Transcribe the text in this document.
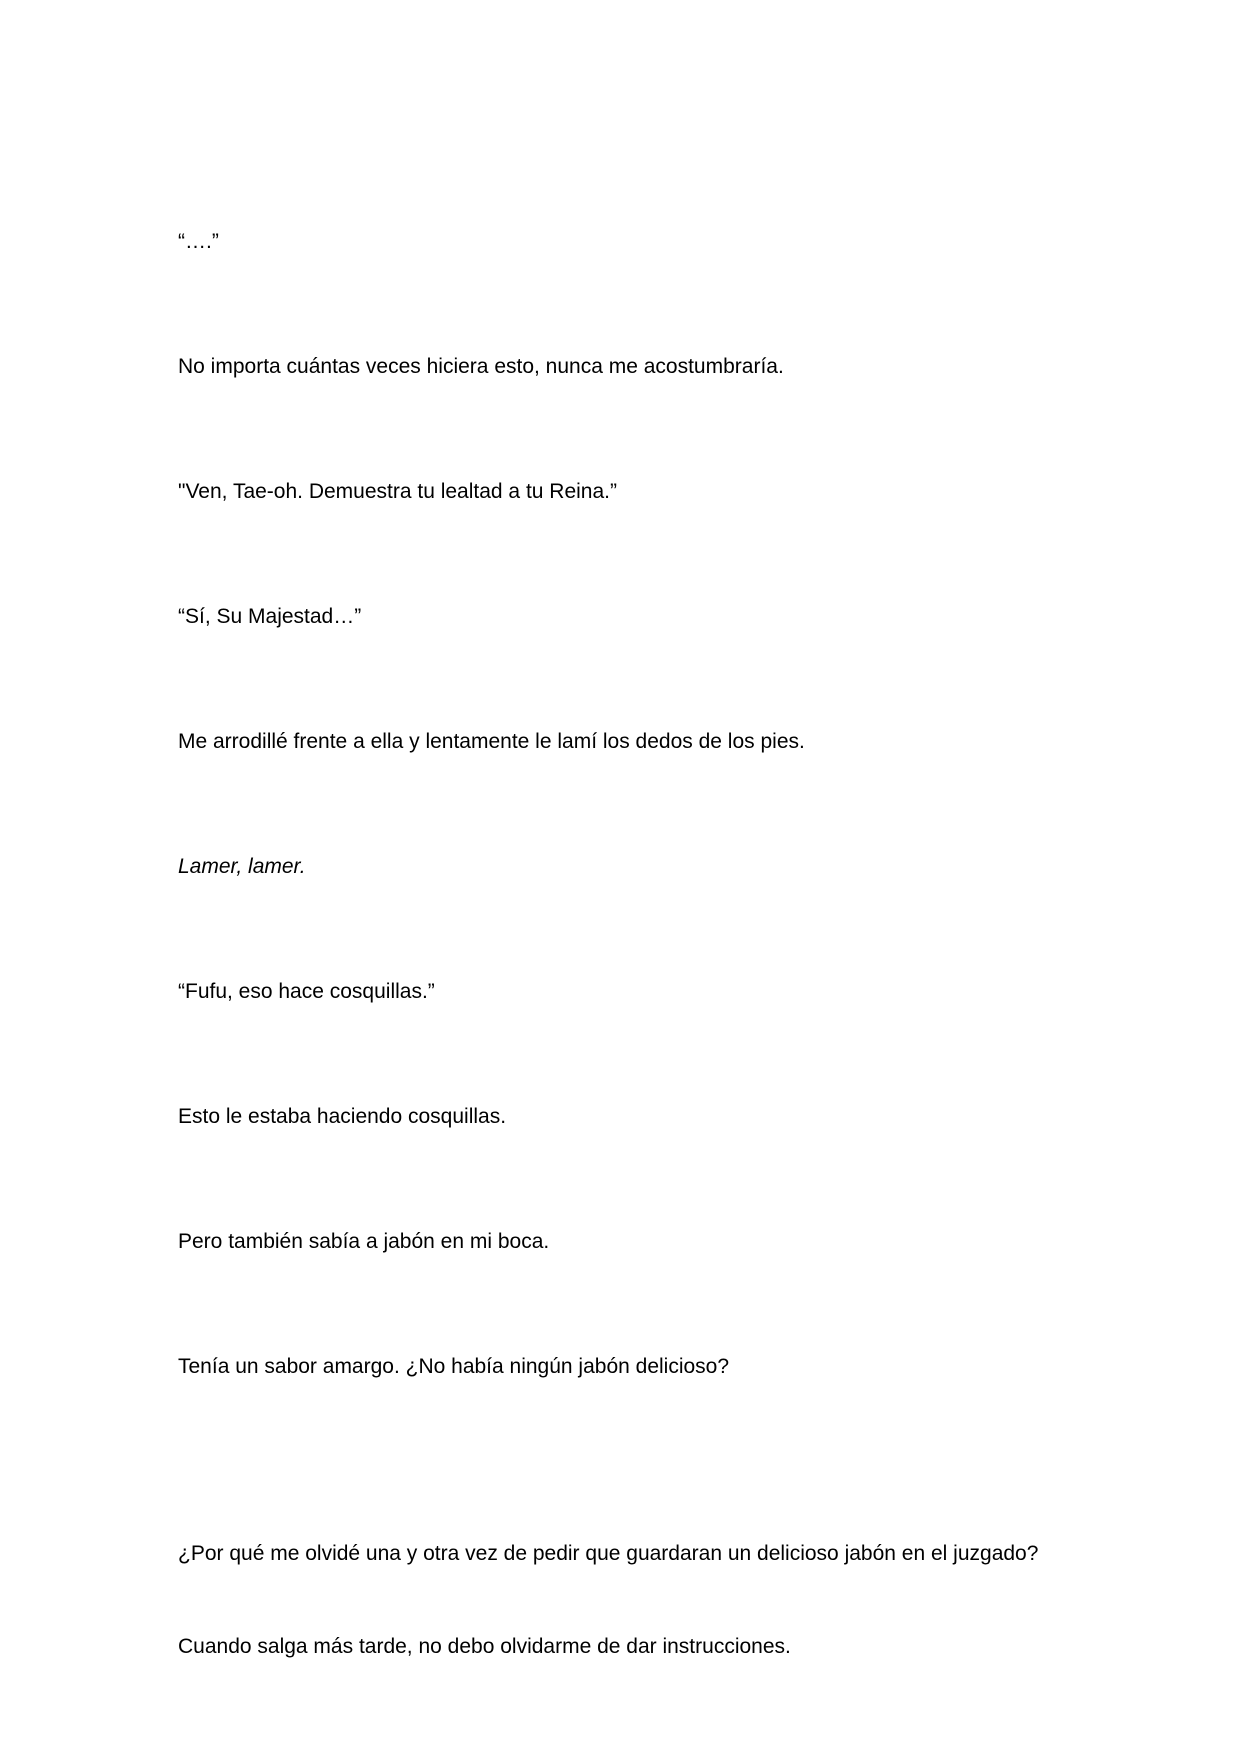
“….”

No importa cuántas veces hiciera esto, nunca me acostumbraría.

"Ven, Tae-oh. Demuestra tu lealtad a tu Reina.”

“Sí, Su Majestad…”

Me arrodillé frente a ella y lentamente le lamí los dedos de los pies.

Lamer, lamer.

“Fufu, eso hace cosquillas.”

Esto le estaba haciendo cosquillas.

Pero también sabía a jabón en mi boca.

Tenía un sabor amargo. ¿No había ningún jabón delicioso?

¿Por qué me olvidé una y otra vez de pedir que guardaran un delicioso jabón en el juzgado?

Cuando salga más tarde, no debo olvidarme de dar instrucciones.
